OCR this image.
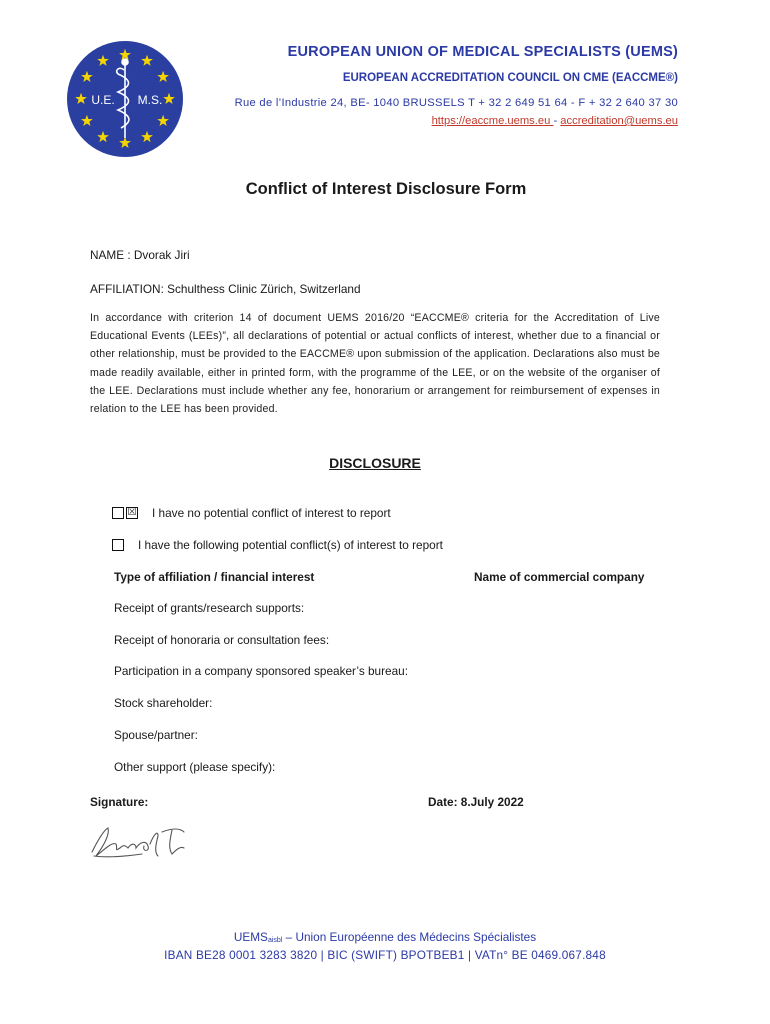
U.E. M.S.
EUROPEAN UNION OF MEDICAL SPECIALISTS (UEMS)
EUROPEAN ACCREDITATION COUNCIL ON CME (EACCME®)
Rue de l’Industrie 24, BE- 1040 BRUSSELS T + 32 2 649 51 64 - F + 32 2 640 37 30
https://eaccme.uems.eu - accreditation@uems.eu
Conflict of Interest Disclosure Form
NAME : Dvorak Jiri
AFFILIATION: Schulthess Clinic Zürich, Switzerland
In accordance with criterion 14 of document UEMS 2016/20 “EACCME® criteria for the Accreditation of Live Educational Events (LEEs)”, all declarations of potential or actual conflicts of interest, whether due to a financial or other relationship, must be provided to the EACCME® upon submission of the application. Declarations also must be made readily available, either in printed form, with the programme of the LEE, or on the website of the organiser of the LEE. Declarations must include whether any fee, honorarium or arrangement for reimbursement of expenses in relation to the LEE has been provided.
DISCLOSURE
☒ I have no potential conflict of interest to report
I have the following potential conflict(s) of interest to report
Type of affiliation / financial interest	Name of commercial company
Receipt of grants/research supports:
Receipt of honoraria or consultation fees:
Participation in a company sponsored speaker’s bureau:
Stock shareholder:
Spouse/partner:
Other support (please specify):
Signature:	Date: 8.July 2022
$UEMS_{aisbl}$ – Union Européenne des Médecins Spécialistes
IBAN BE28 0001 3283 3820 | BIC (SWIFT) BPOTBEB1 | VATn° BE 0469.067.848
